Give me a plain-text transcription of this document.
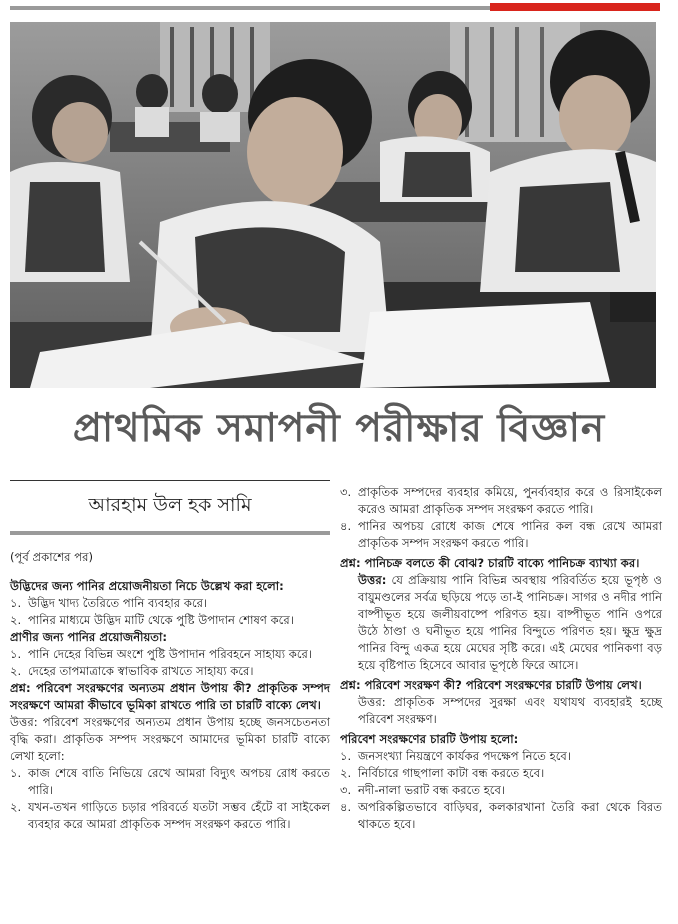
প্রাথমিক সমাপনী পরীক্ষার বিজ্ঞান
আরহাম উল হক সামি
(পূর্ব প্রকাশের পর)
উদ্ভিদের জন্য পানির প্রয়োজনীয়তা নিচে উল্লেখ করা হলো:
১. উদ্ভিদ খাদ্য তৈরিতে পানি ব্যবহার করে।
২. পানির মাধ্যমে উদ্ভিদ মাটি থেকে পুষ্টি উপাদান শোষণ করে।
প্রাণীর জন্য পানির প্রয়োজনীয়তা:
১. পানি দেহের বিভিন্ন অংশে পুষ্টি উপাদান পরিবহনে সাহায্য করে।
২. দেহের তাপমাত্রাকে স্বাভাবিক রাখতে সাহায্য করে।
প্রশ্ন: পরিবেশ সংরক্ষণের অন্যতম প্রধান উপায় কী? প্রাকৃতিক সম্পদ সংরক্ষণে আমরা কীভাবে ভূমিকা রাখতে পারি তা চারটি বাক্যে লেখ।
উত্তর: পরিবেশ সংরক্ষণের অন্যতম প্রধান উপায় হচ্ছে জনসচেতনতা বৃদ্ধি করা। প্রাকৃতিক সম্পদ সংরক্ষণে আমাদের ভূমিকা চারটি বাক্যে লেখা হলো:
১. কাজ শেষে বাতি নিভিয়ে রেখে আমরা বিদ্যুৎ অপচয় রোধ করতে পারি।
২. যখন-তখন গাড়িতে চড়ার পরিবর্তে যতটা সম্ভব হেঁটে বা সাইকেল ব্যবহার করে আমরা প্রাকৃতিক সম্পদ সংরক্ষণ করতে পারি।
৩. প্রাকৃতিক সম্পদের ব্যবহার কমিয়ে, পুনর্ব্যবহার করে ও রিসাইকেল করেও আমরা প্রাকৃতিক সম্পদ সংরক্ষণ করতে পারি।
৪. পানির অপচয় রোধে কাজ শেষে পানির কল বন্ধ রেখে আমরা প্রাকৃতিক সম্পদ সংরক্ষণ করতে পারি।
প্রশ্ন: পানিচক্র বলতে কী বোঝ? চারটি বাক্যে পানিচক্র ব্যাখ্যা কর।
উত্তর: যে প্রক্রিয়ায় পানি বিভিন্ন অবস্থায় পরিবর্তিত হয়ে ভূপৃষ্ঠ ও বায়ুমণ্ডলের সর্বত্র ছড়িয়ে পড়ে তা-ই পানিচক্র। সাগর ও নদীর পানি বাষ্পীভূত হয়ে জলীয়বাষ্পে পরিণত হয়। বাষ্পীভূত পানি ওপরে উঠে ঠাণ্ডা ও ঘনীভূত হয়ে পানির বিন্দুতে পরিণত হয়। ক্ষুদ্র ক্ষুদ্র পানির বিন্দু একত্র হয়ে মেঘের সৃষ্টি করে। এই মেঘের পানিকণা বড় হয়ে বৃষ্টিপাত হিসেবে আবার ভূপৃষ্ঠে ফিরে আসে।
প্রশ্ন: পরিবেশ সংরক্ষণ কী? পরিবেশ সংরক্ষণের চারটি উপায় লেখ।
উত্তর: প্রাকৃতিক সম্পদের সুরক্ষা এবং যথাযথ ব্যবহারই হচ্ছে পরিবেশ সংরক্ষণ।
পরিবেশ সংরক্ষণের চারটি উপায় হলো:
১. জনসংখ্যা নিয়ন্ত্রণে কার্যকর পদক্ষেপ নিতে হবে।
২. নির্বিচারে গাছপালা কাটা বন্ধ করতে হবে।
৩. নদী-নালা ভরাট বন্ধ করতে হবে।
৪. অপরিকল্পিতভাবে বাড়িঘর, কলকারখানা তৈরি করা থেকে বিরত থাকতে হবে।
